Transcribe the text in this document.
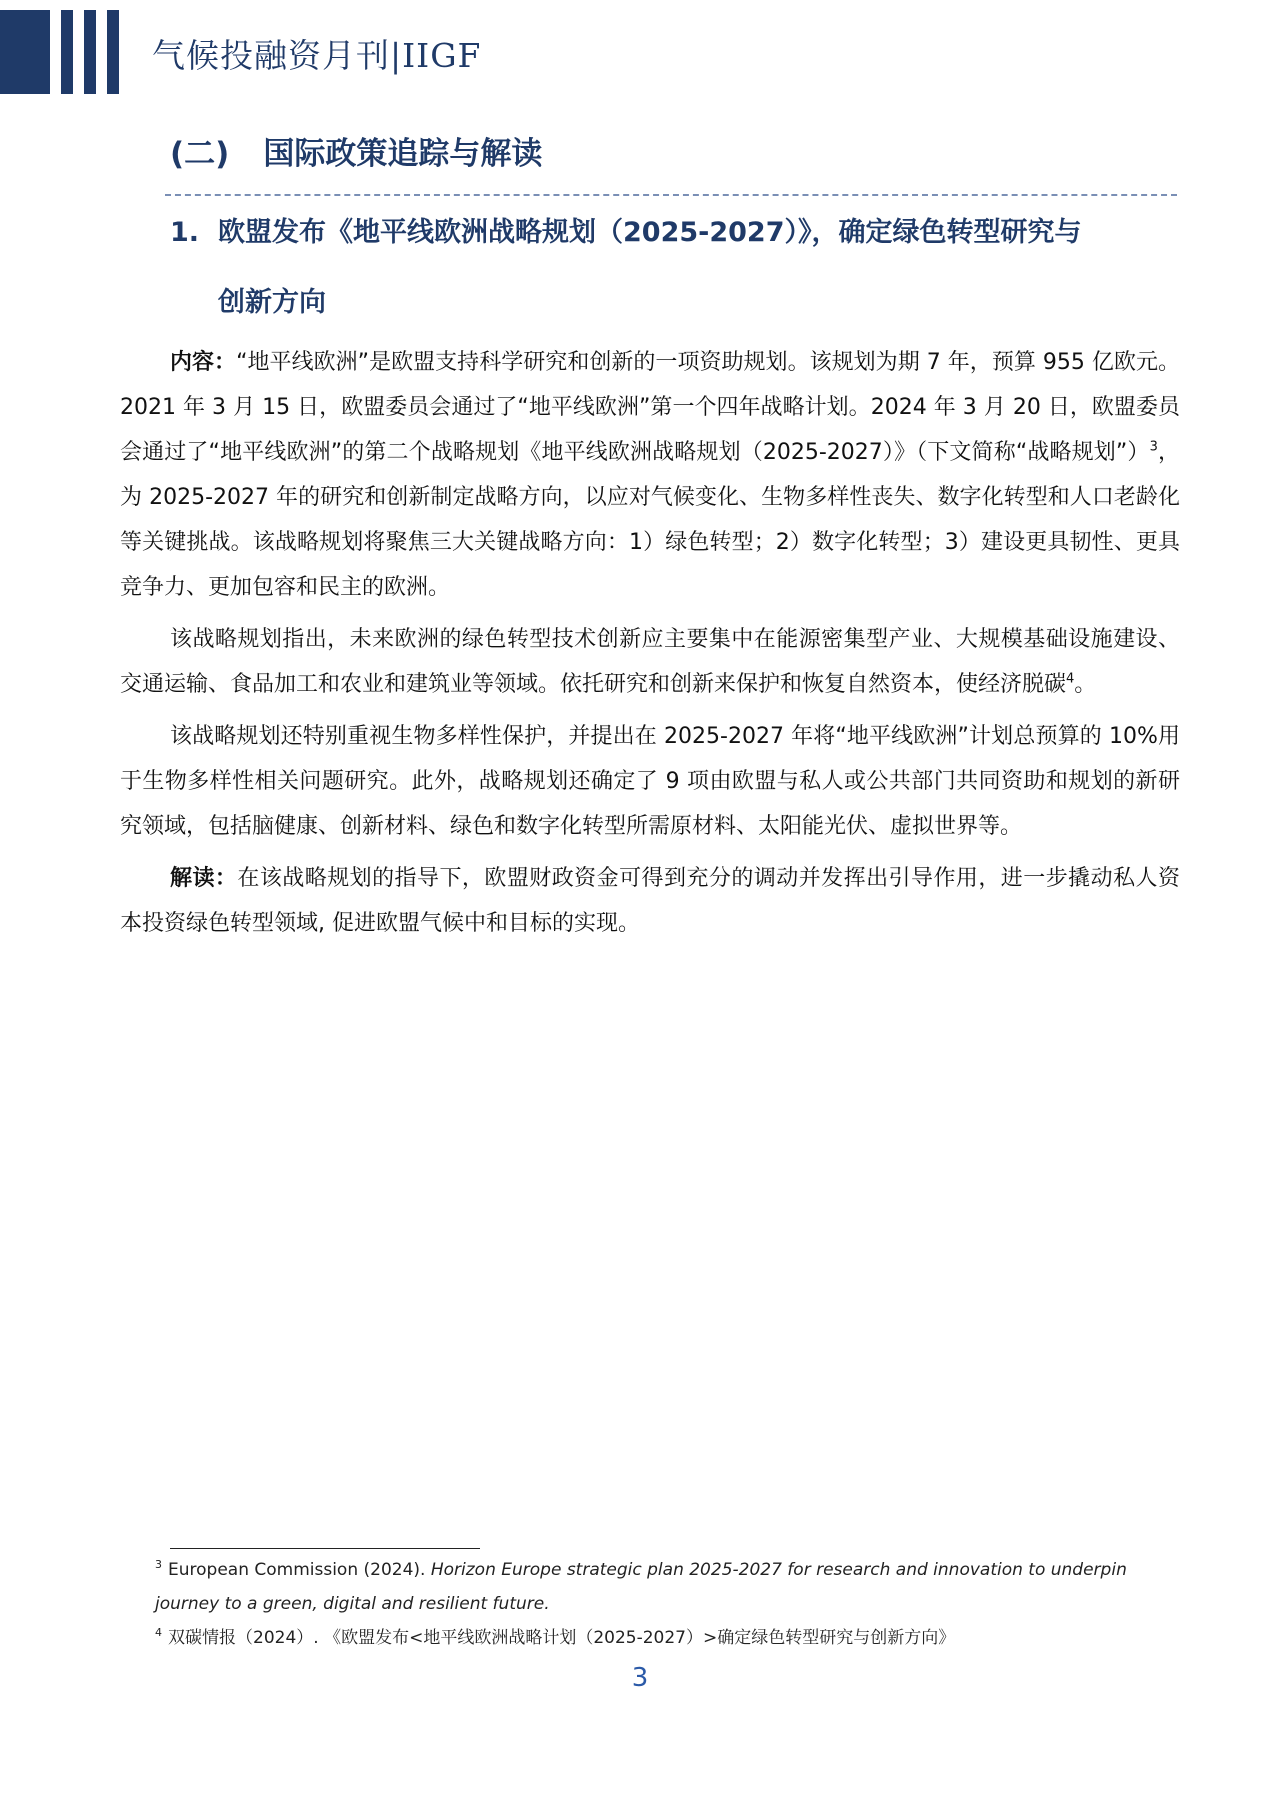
气候投融资月刊|IIGF
(二) 国际政策追踪与解读
1. 欧盟发布《地平线欧洲战略规划（2025-2027）》，确定绿色转型研究与
创新方向

内容：“地平线欧洲”是欧盟支持科学研究和创新的一项资助规划。该规划为期 7 年，预算 955 亿欧元。2021 年 3 月 15 日，欧盟委员会通过了“地平线欧洲”第一个四年战略计划。2024 年 3 月 20 日，欧盟委员会通过了“地平线欧洲”的第二个战略规划《地平线欧洲战略规划（2025-2027）》（下文简称“战略规划”）$^3$，为 2025-2027 年的研究和创新制定战略方向，以应对气候变化、生物多样性丧失、数字化转型和人口老龄化等关键挑战。该战略规划将聚焦三大关键战略方向：1）绿色转型；2）数字化转型；3）建设更具韧性、更具竞争力、更加包容和民主的欧洲。

该战略规划指出，未来欧洲的绿色转型技术创新应主要集中在能源密集型产业、大规模基础设施建设、交通运输、食品加工和农业和建筑业等领域。依托研究和创新来保护和恢复自然资本，使经济脱碳$^4$。

该战略规划还特别重视生物多样性保护，并提出在 2025-2027 年将“地平线欧洲”计划总预算的 10%用于生物多样性相关问题研究。此外，战略规划还确定了 9 项由欧盟与私人或公共部门共同资助和规划的新研究领域，包括脑健康、创新材料、绿色和数字化转型所需原材料、太阳能光伏、虚拟世界等。

解读：在该战略规划的指导下，欧盟财政资金可得到充分的调动并发挥出引导作用，进一步撬动私人资本投资绿色转型领域, 促进欧盟气候中和目标的实现。

$^3$ European Commission (2024). Horizon Europe strategic plan 2025-2027 for research and innovation to underpin journey to a green, digital and resilient future.
$^4$ 双碳情报（2024）. 《欧盟发布<地平线欧洲战略计划（2025-2027）>确定绿色转型研究与创新方向》
3
